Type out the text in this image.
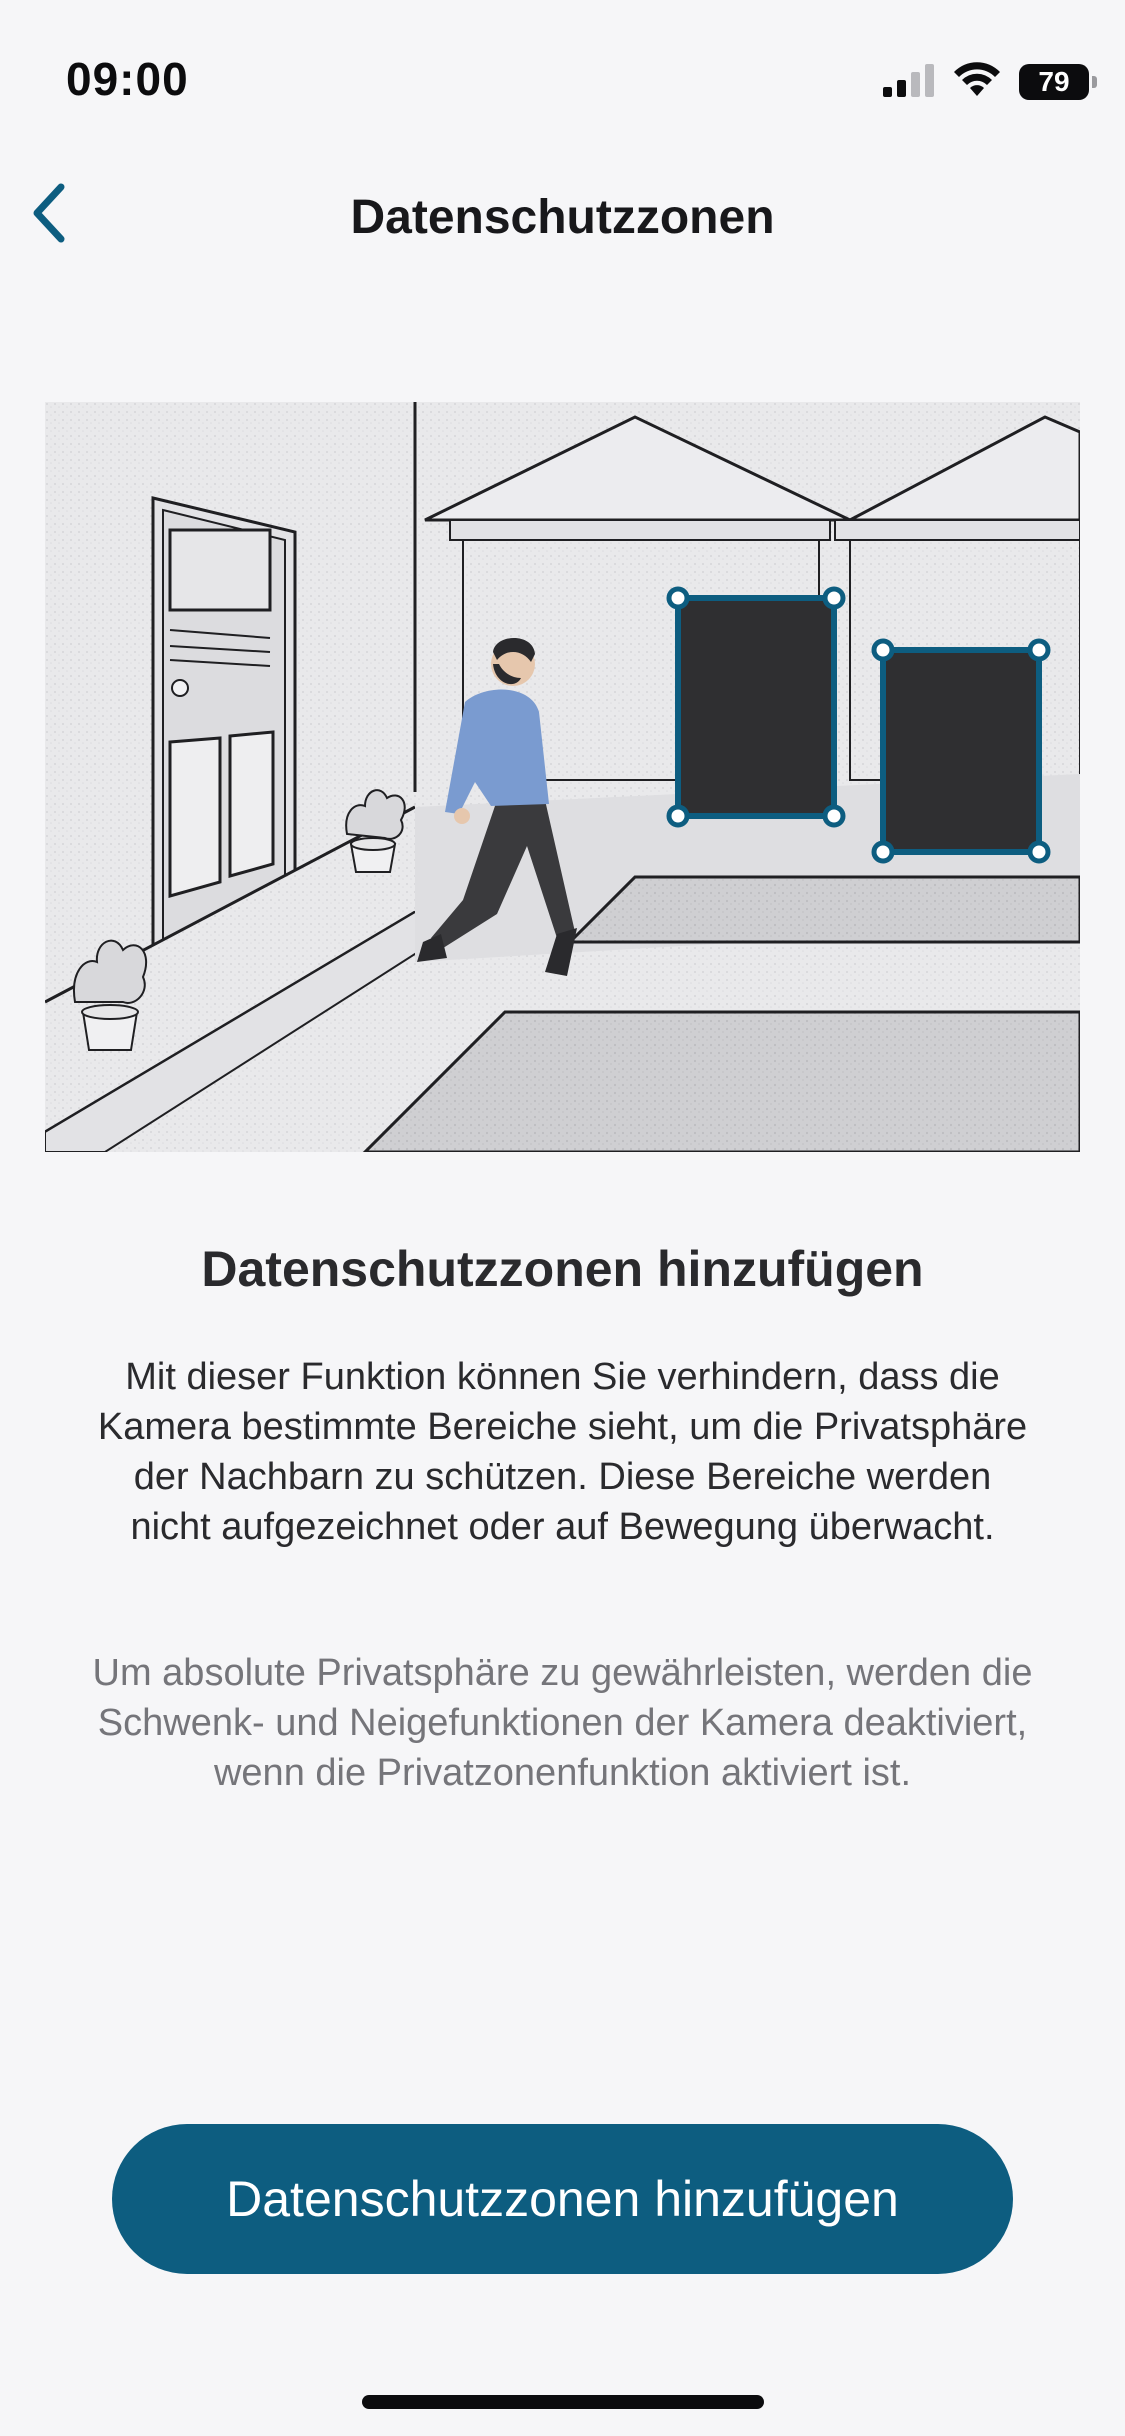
09:00	79
Datenschutzzonen
Datenschutzzonen hinzufügen
Mit dieser Funktion können Sie verhindern, dass die Kamera bestimmte Bereiche sieht, um die Privatsphäre der Nachbarn zu schützen. Diese Bereiche werden nicht aufgezeichnet oder auf Bewegung überwacht.
Um absolute Privatsphäre zu gewährleisten, werden die Schwenk- und Neigefunktionen der Kamera deaktiviert, wenn die Privatzonenfunktion aktiviert ist.
Datenschutzzonen hinzufügen
